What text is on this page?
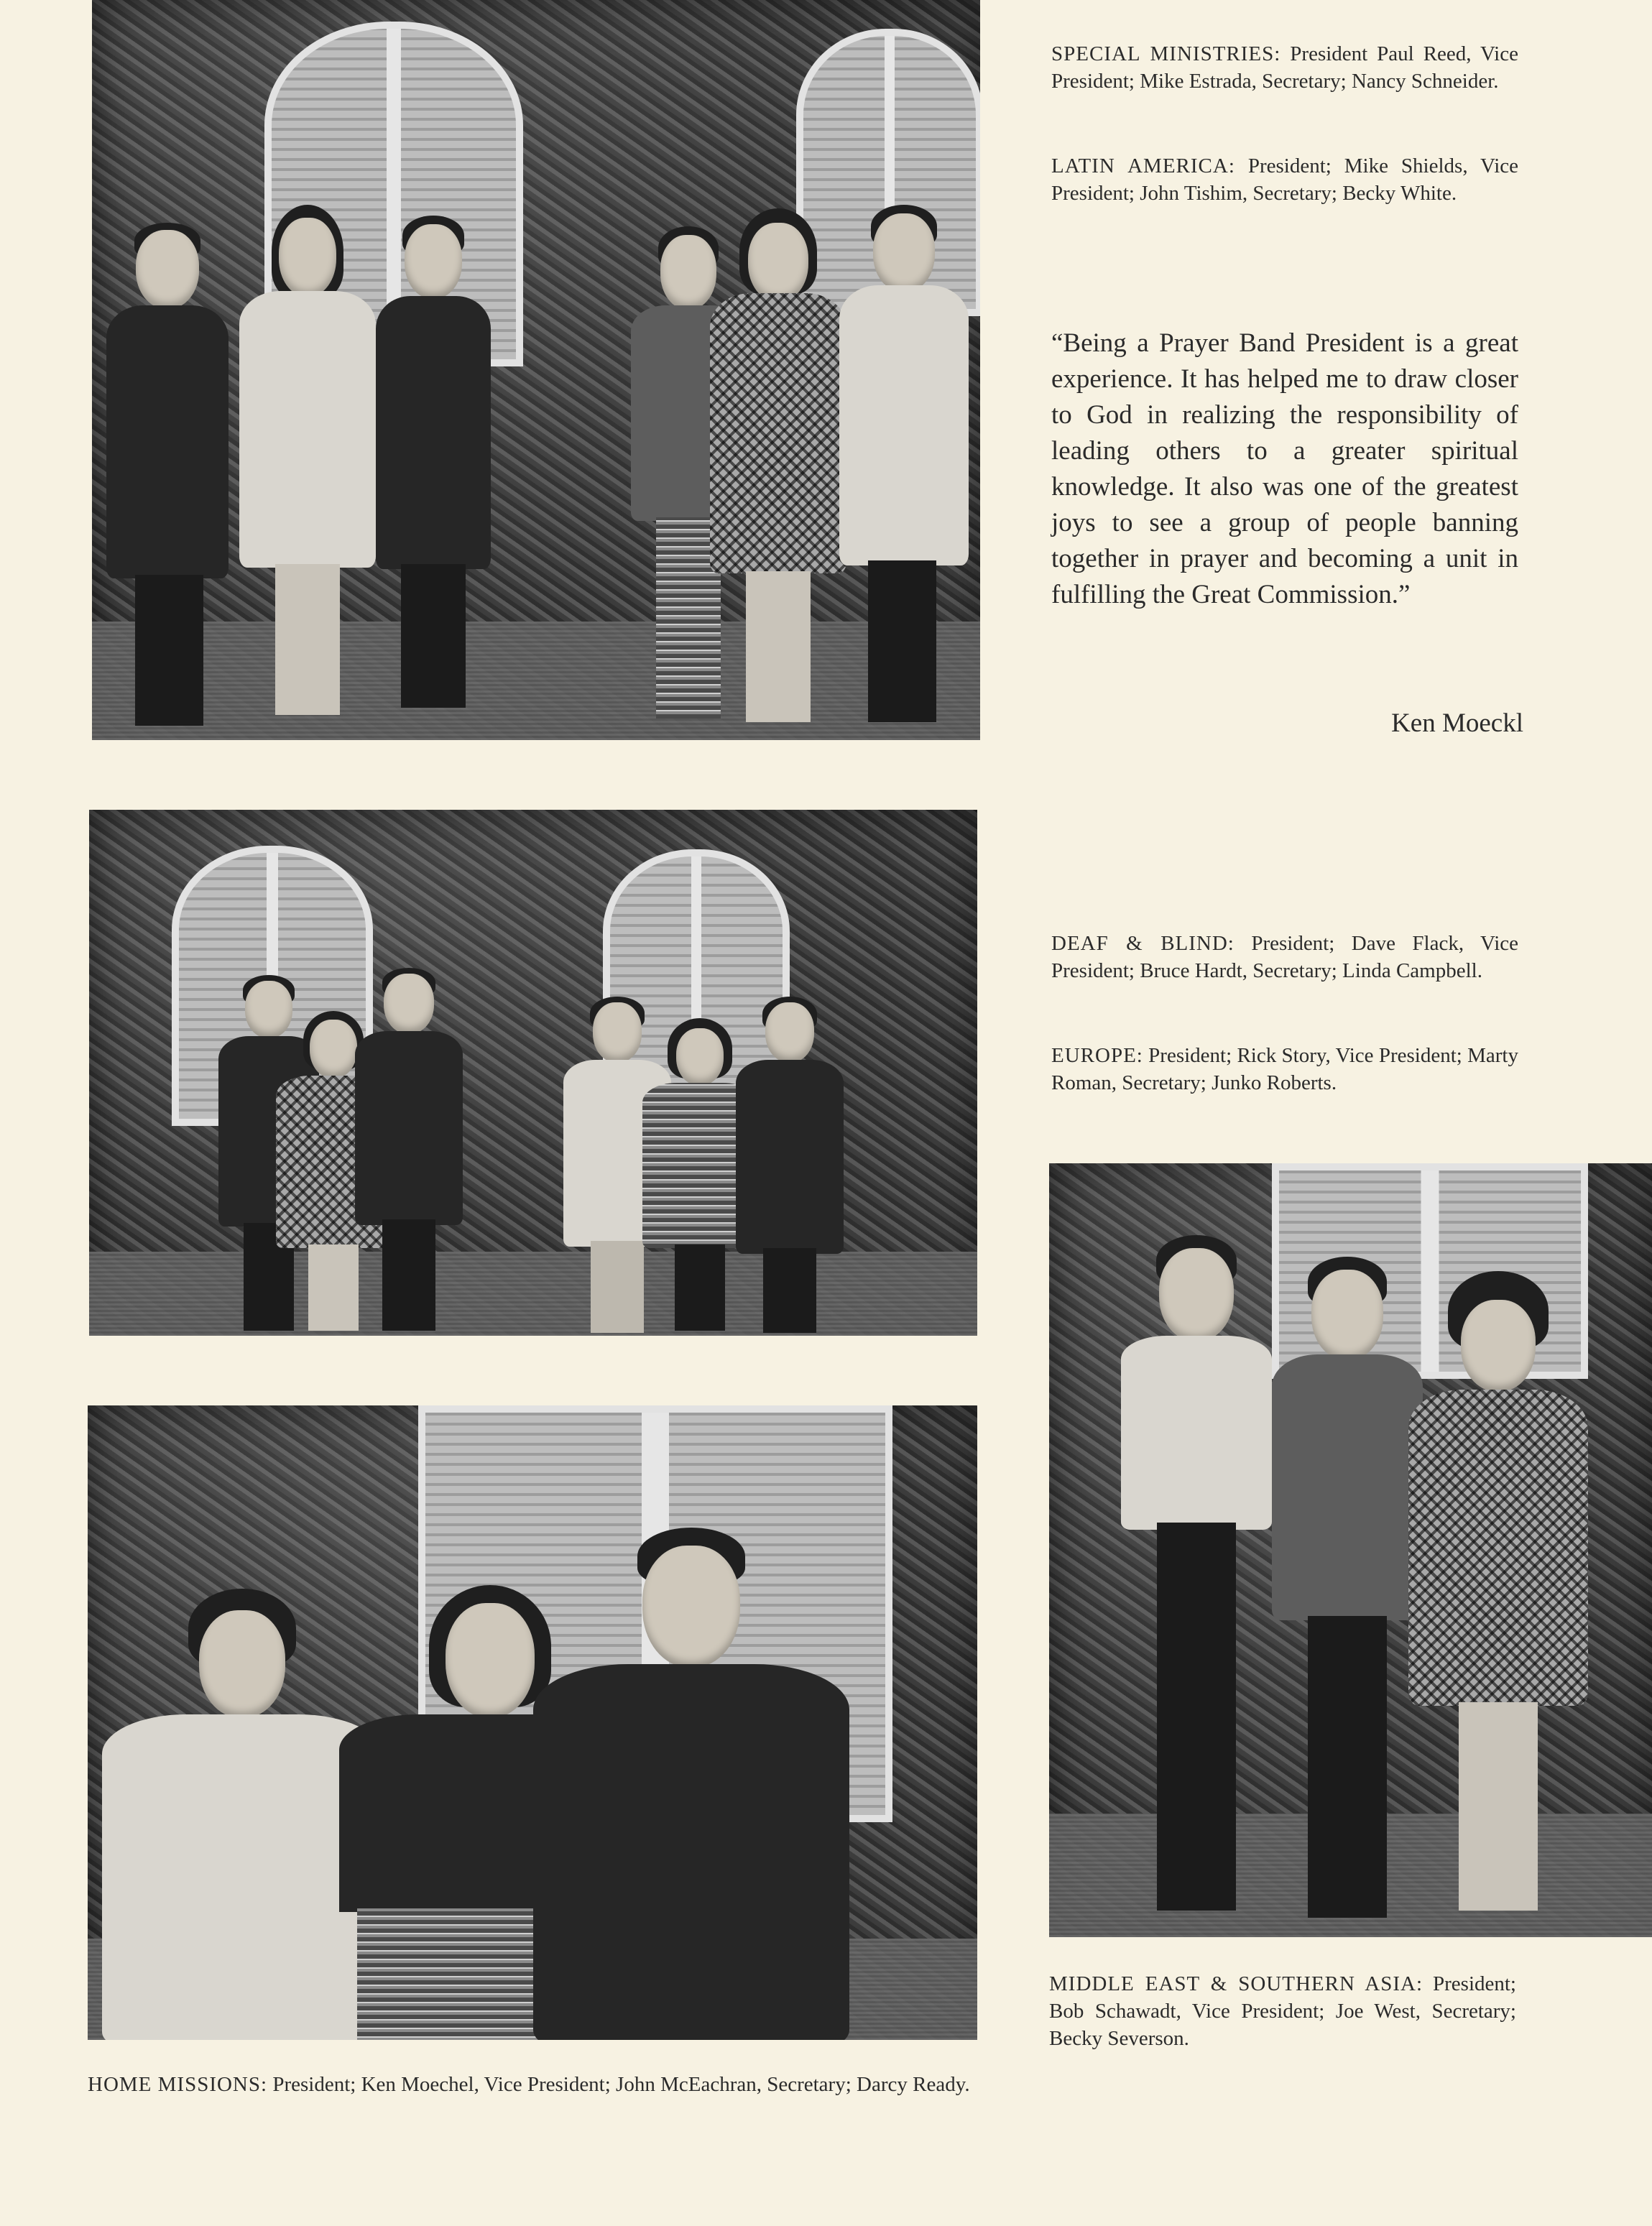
SPECIAL MINISTRIES: President Paul Reed, Vice President; Mike Estrada, Secretary; Nancy Schneider.

LATIN AMERICA: President; Mike Shields, Vice President; John Tishim, Secretary; Becky White.

“Being a Prayer Band President is a great experience. It has helped me to draw closer to God in realizing the responsibility of leading others to a greater spiritual knowledge. It also was one of the greatest joys to see a group of people banning together in prayer and becoming a unit in fulfilling the Great Commission.”

Ken Moeckl

DEAF & BLIND: President; Dave Flack, Vice President; Bruce Hardt, Secretary; Linda Campbell.

EUROPE: President; Rick Story, Vice President; Marty Roman, Secretary; Junko Roberts.

MIDDLE EAST & SOUTHERN ASIA: President; Bob Schawadt, Vice President; Joe West, Secretary; Becky Severson.

HOME MISSIONS: President; Ken Moechel, Vice President; John McEachran, Secretary; Darcy Ready.
